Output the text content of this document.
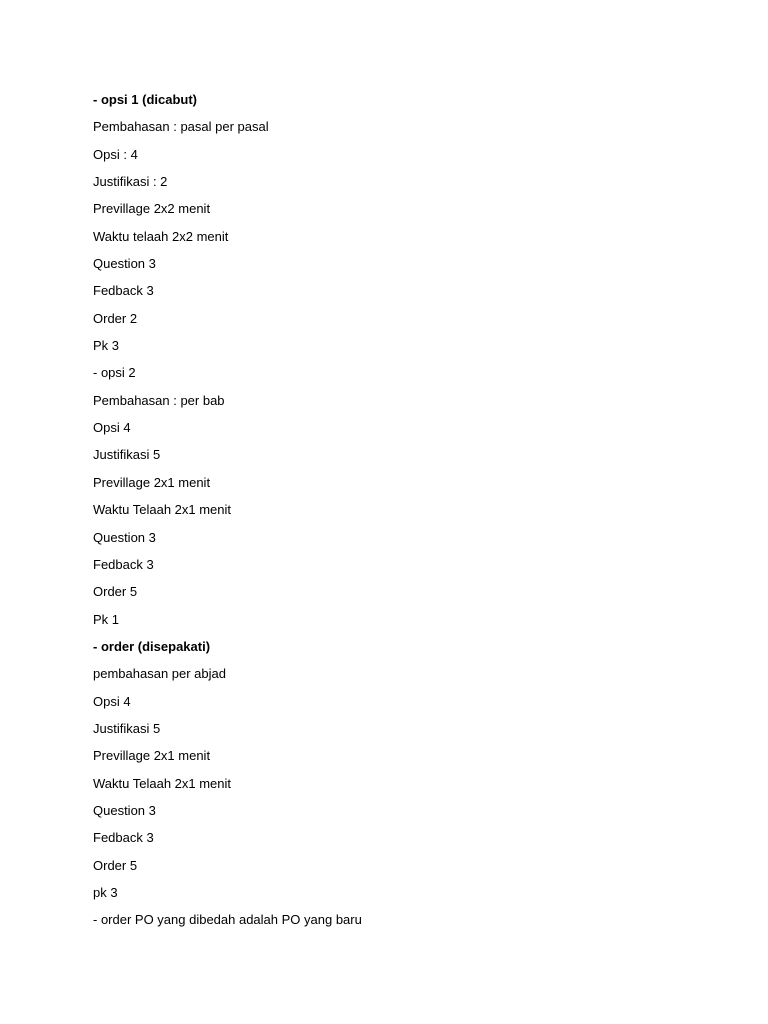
- opsi 1 (dicabut)
Pembahasan : pasal per pasal
Opsi : 4
Justifikasi : 2
Previllage 2x2 menit
Waktu telaah 2x2 menit
Question 3
Fedback 3
Order 2
Pk 3
- opsi 2
Pembahasan : per bab
Opsi 4
Justifikasi 5
Previllage 2x1 menit
Waktu Telaah 2x1 menit
Question 3
Fedback 3
Order 5
Pk 1
- order (disepakati)
pembahasan per abjad
Opsi 4
Justifikasi 5
Previllage 2x1 menit
Waktu Telaah 2x1 menit
Question 3
Fedback 3
Order 5
pk 3
- order PO yang dibedah adalah PO yang baru
